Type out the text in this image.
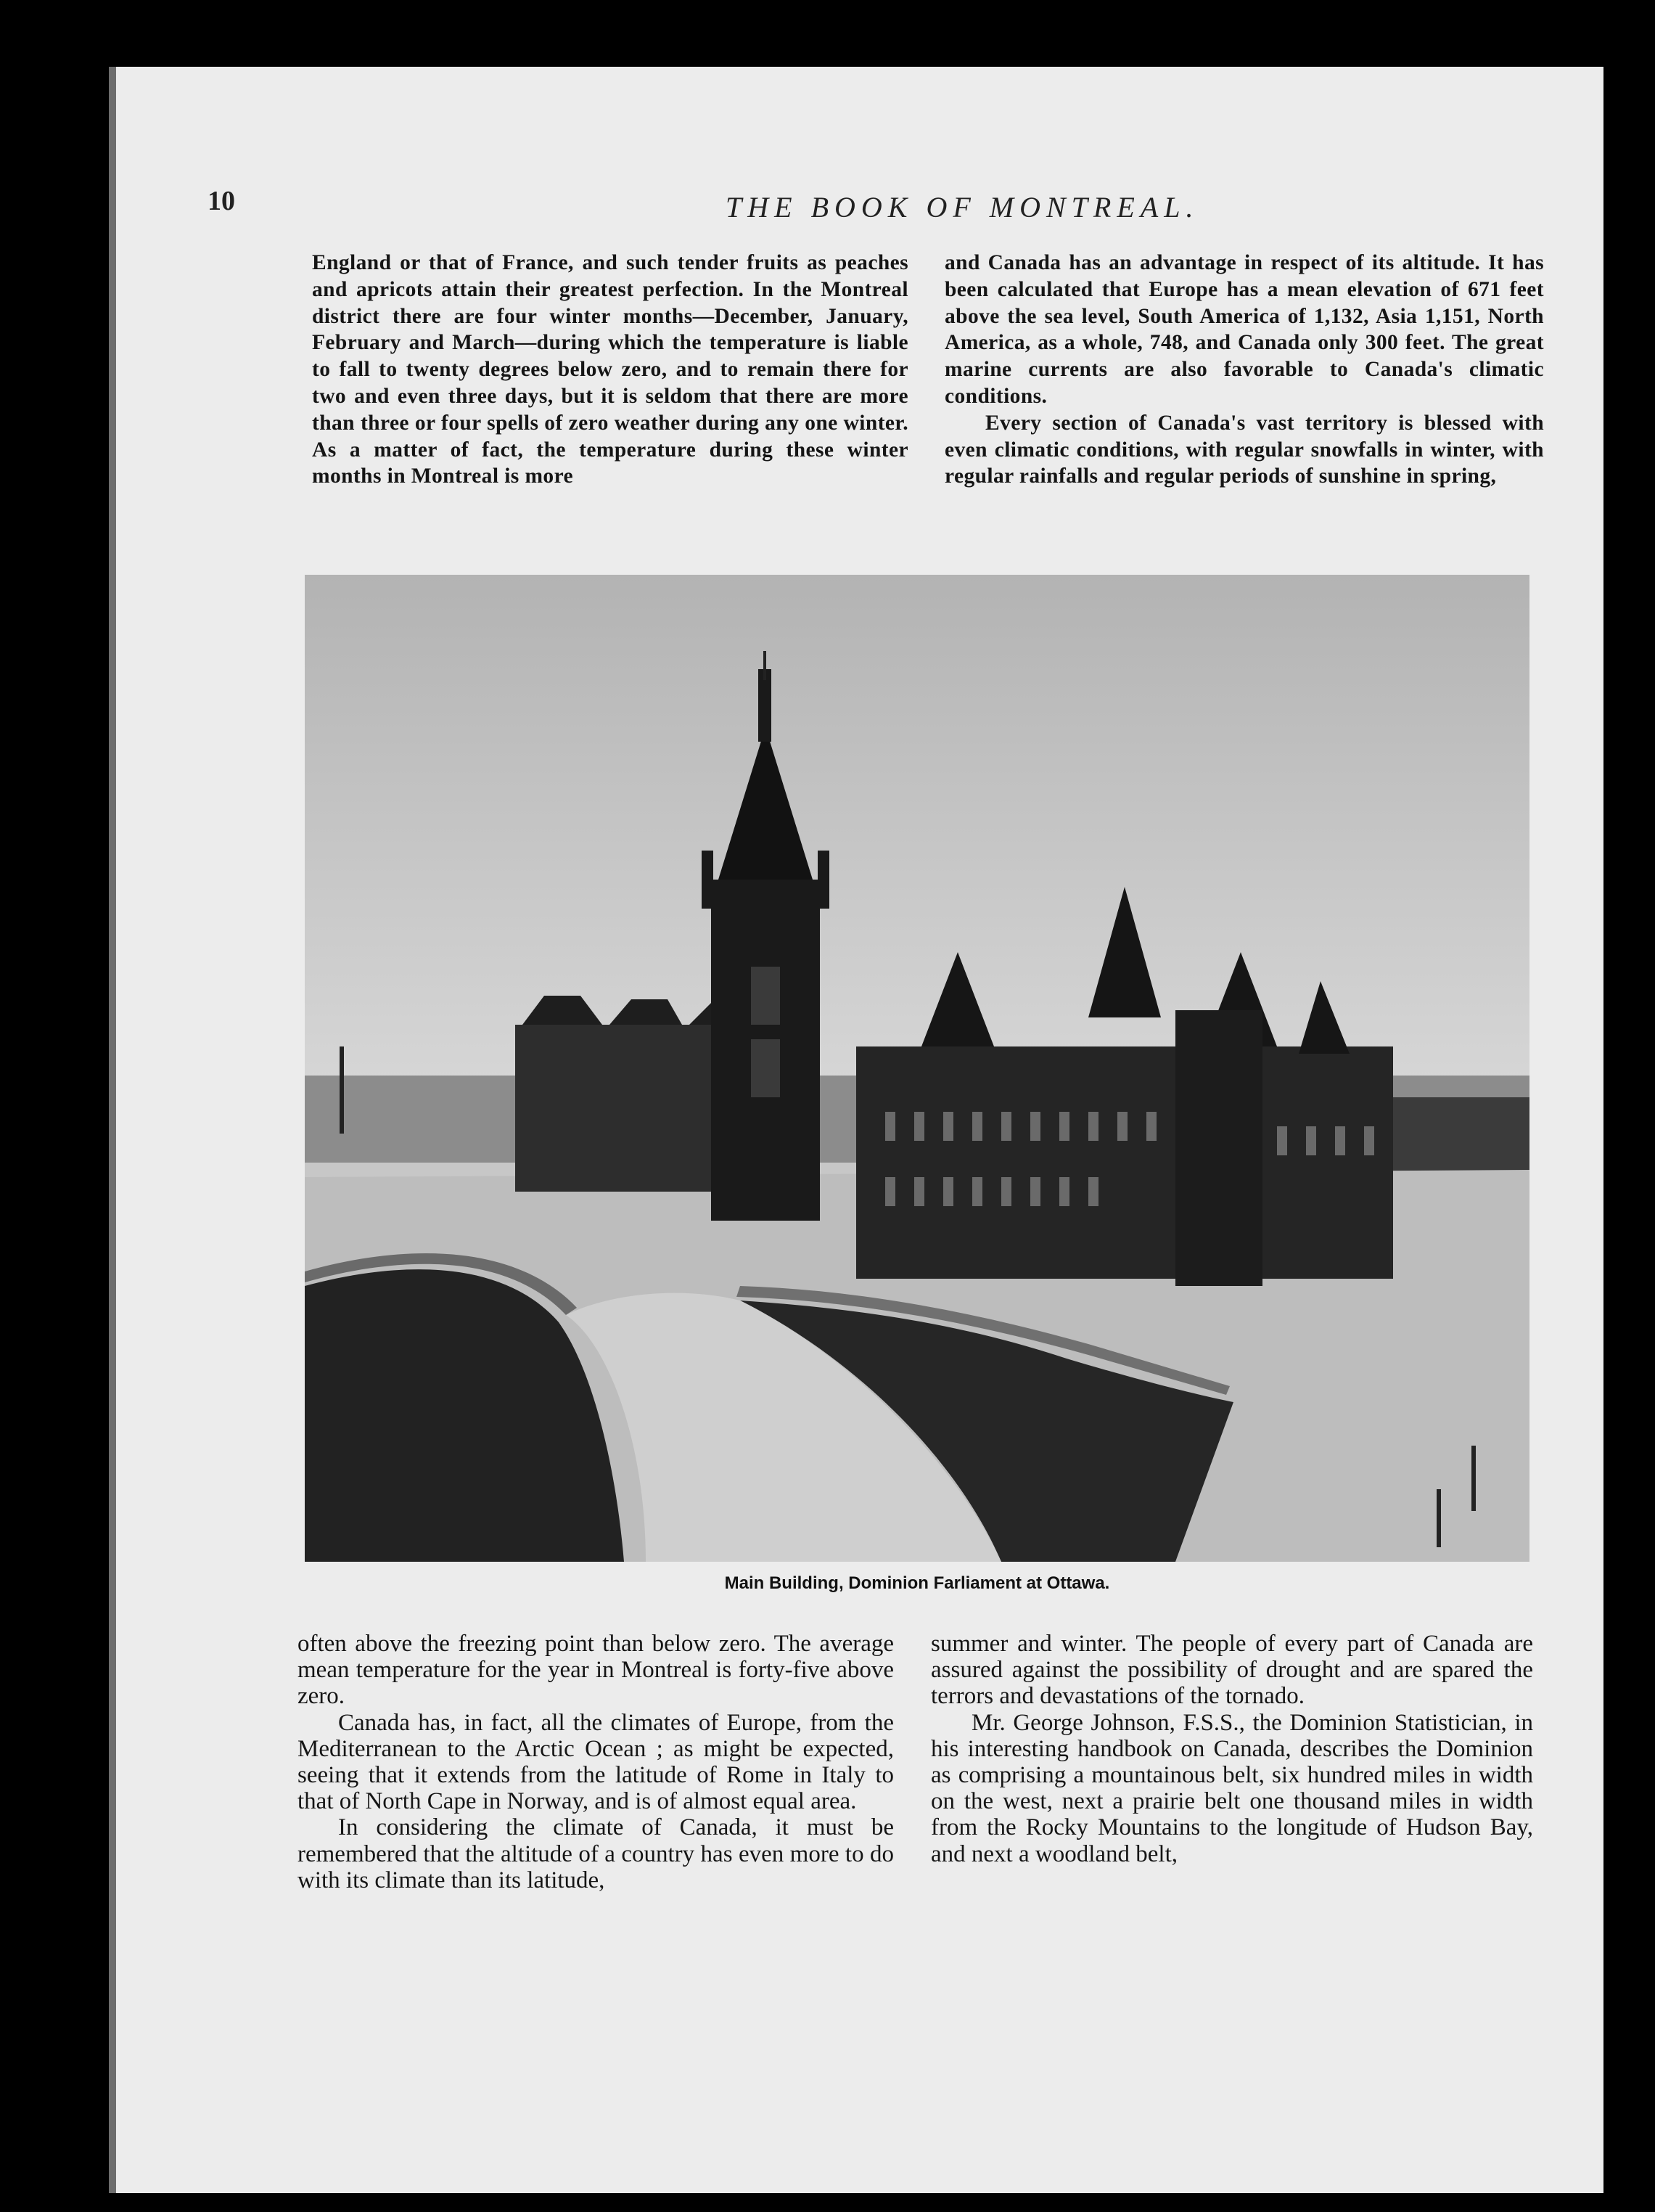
10	THE BOOK OF MONTREAL.

England or that of France, and such tender fruits as peaches and apricots attain their greatest perfection. In the Montreal district there are four winter months—December, January, February and March—during which the temperature is liable to fall to twenty degrees below zero, and to remain there for two and even three days, but it is seldom that there are more than three or four spells of zero weather during any one winter. As a matter of fact, the temperature during these winter months in Montreal is more

and Canada has an advantage in respect of its altitude. It has been calculated that Europe has a mean elevation of 671 feet above the sea level, South America of 1,132, Asia 1,151, North America, as a whole, 748, and Canada only 300 feet. The great marine currents are also favorable to Canada's climatic conditions.

Every section of Canada's vast territory is blessed with even climatic conditions, with regular snowfalls in winter, with regular rainfalls and regular periods of sunshine in spring,

Main Building, Dominion Farliament at Ottawa.

often above the freezing point than below zero. The average mean temperature for the year in Montreal is forty-five above zero.

Canada has, in fact, all the climates of Europe, from the Mediterranean to the Arctic Ocean ; as might be expected, seeing that it extends from the latitude of Rome in Italy to that of North Cape in Norway, and is of almost equal area.

In considering the climate of Canada, it must be remembered that the altitude of a country has even more to do with its climate than its latitude,

summer and winter. The people of every part of Canada are assured against the possibility of drought and are spared the terrors and devastations of the tornado.

Mr. George Johnson, F.S.S., the Dominion Statistician, in his interesting handbook on Canada, describes the Dominion as comprising a mountainous belt, six hundred miles in width on the west, next a prairie belt one thousand miles in width from the Rocky Mountains to the longitude of Hudson Bay, and next a woodland belt,
